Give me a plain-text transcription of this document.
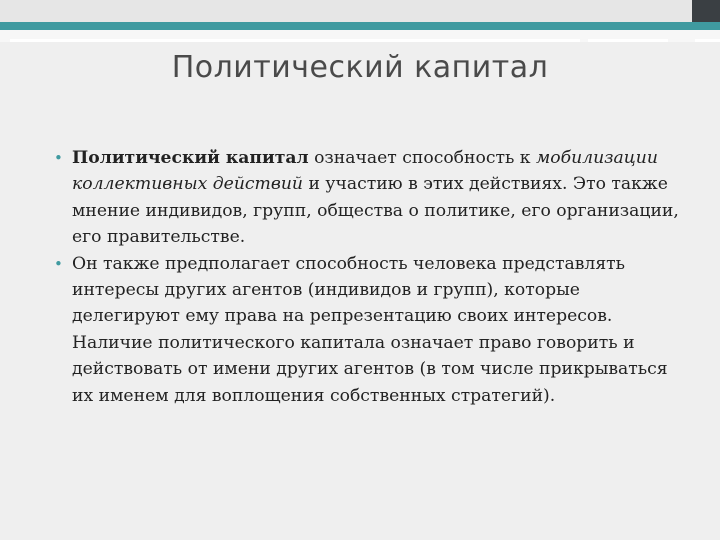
Политический капитал
• Политический капитал означает способность к мобилизации коллективных действий и участию в этих действиях. Это также мнение индивидов, групп, общества о политике, его организации, его правительстве.
• Он также предполагает способность человека представлять интересы других агентов (индивидов и групп), которые делегируют ему права на репрезентацию своих интересов. Наличие политического капитала означает право говорить и действовать от имени других агентов (в том числе прикрываться их именем для воплощения собственных стратегий).
